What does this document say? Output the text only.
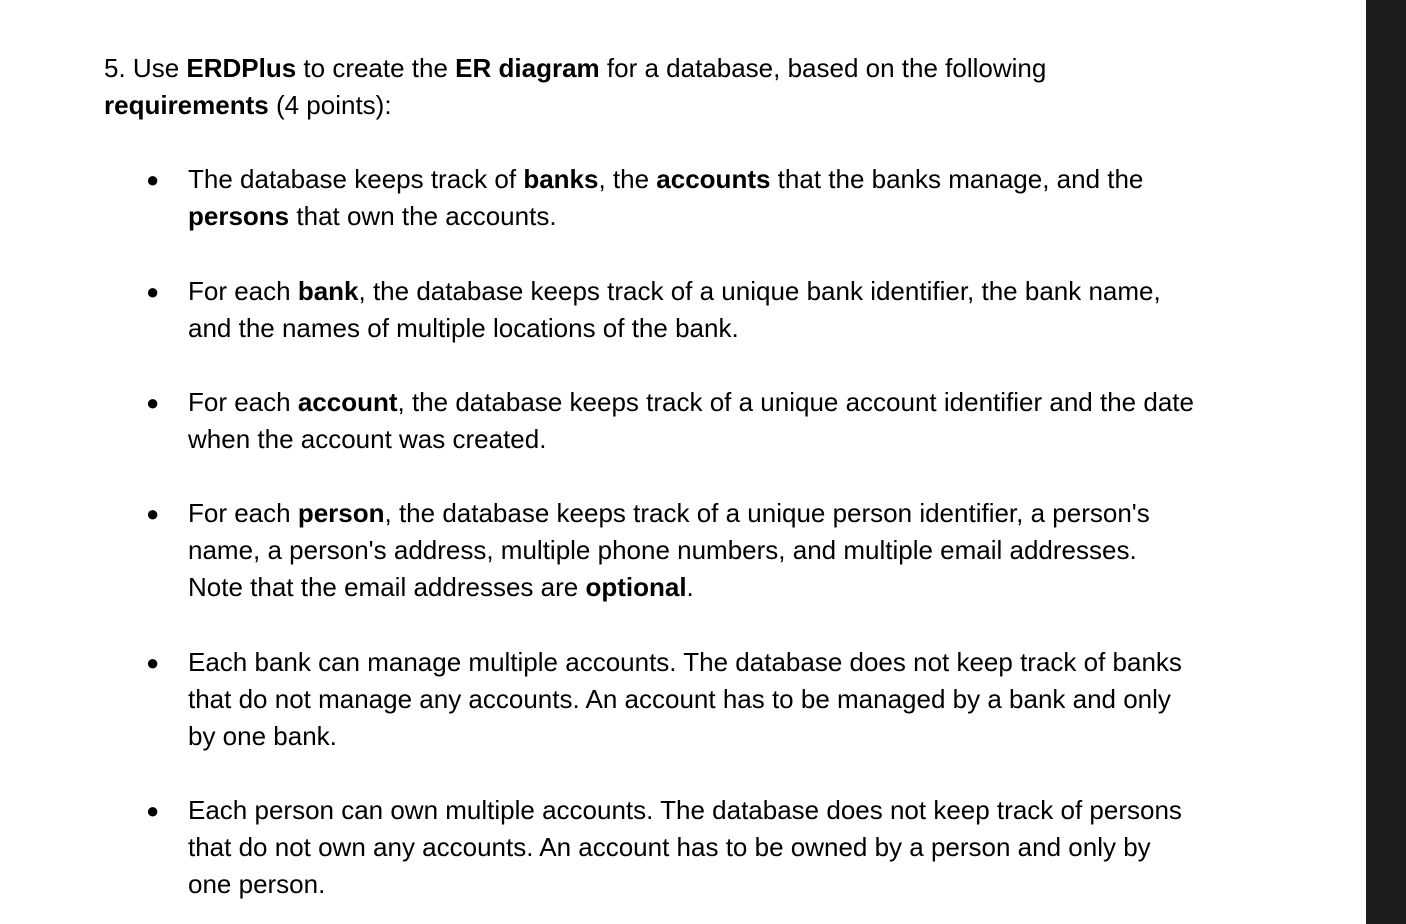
5. Use ERDPlus to create the ER diagram for a database, based on the following
requirements (4 points):

● The database keeps track of banks, the accounts that the banks manage, and the persons that own the accounts.
● For each bank, the database keeps track of a unique bank identifier, the bank name, and the names of multiple locations of the bank.
● For each account, the database keeps track of a unique account identifier and the date when the account was created.
● For each person, the database keeps track of a unique person identifier, a person's name, a person's address, multiple phone numbers, and multiple email addresses. Note that the email addresses are optional.
● Each bank can manage multiple accounts. The database does not keep track of banks that do not manage any accounts. An account has to be managed by a bank and only by one bank.
● Each person can own multiple accounts. The database does not keep track of persons that do not own any accounts. An account has to be owned by a person and only by one person.
